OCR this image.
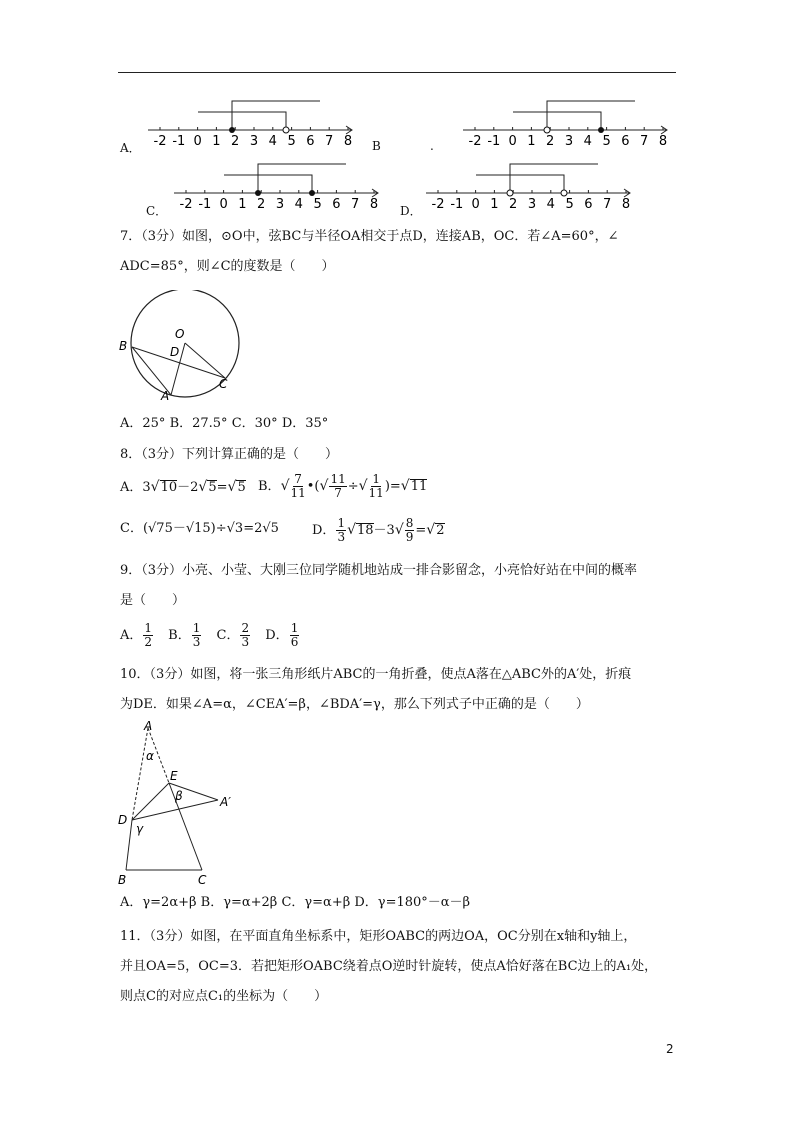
A．	B	.
C．	D．
-2 -1 0 1 2 3 4 5 6 7 8	-2 -1 0 1 2 3 4 5 6 7 8
-2 -1 0 1 2 3 4 5 6 7 8	-2 -1 0 1 2 3 4 5 6 7 8
7．（3分）如图，⊙O中，弦BC与半径OA相交于点D，连接AB，OC．若∠A=60°，∠
ADC=85°，则∠C的度数是（　　）
O
D
B
C
A
A．25° B．27.5° C．30° D．35°
8．（3分）下列计算正确的是（　　）
A．3√10－2√5=√5 B．√ $\frac{7}{11}$ •(√ $\frac{11}{7}$ ÷√ $\frac{1}{11} )=√11$
C．(√75－√15)÷√3=2√5	D． $\frac{1}{3} √18-3√ \frac{8}{9} =√2$
9．（3分）小亮、小莹、大刚三位同学随机地站成一排合影留念，小亮恰好站在中间的概率
是（　　）
A． $\frac{1}{2}$ B． $\frac{1}{3}$ C． $\frac{2}{3}$ D． $\frac{1}{6}$
10．（3分）如图，将一张三角形纸片ABC的一角折叠，使点A落在△ABC外的A′处，折痕
为DE．如果∠A=α，∠CEA′=β，∠BDA′=γ，那么下列式子中正确的是（　　）
A
α
E
β	A′
D
γ
B	C
A．γ=2α+β B．γ=α+2β C．γ=α+β D．γ=180°－α－β
11．（3分）如图，在平面直角坐标系中，矩形OABC的两边OA，OC分别在x轴和y轴上，
并且OA=5，OC=3．若把矩形OABC绕着点O逆时针旋转，使点A恰好落在BC边上的A₁处，
则点C的对应点C₁的坐标为（　　）
2
